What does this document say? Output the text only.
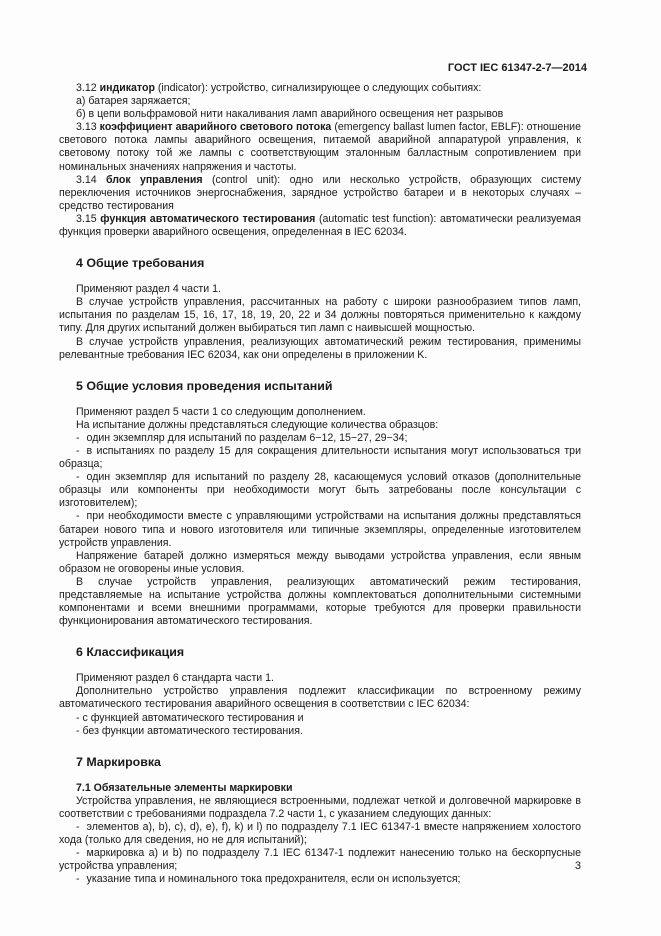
ГОСТ IEC 61347-2-7—2014

3.12 индикатор (indicator): устройство, сигнализирующее о следующих событиях:

а) батарея заряжается;

б) в цепи вольфрамовой нити накаливания ламп аварийного освещения нет разрывов

3.13 коэффициент аварийного светового потока (emergency ballast lumen factor, EBLF): отношение светового потока лампы аварийного освещения, питаемой аварийной аппаратурой управления, к световому потоку той же лампы с соответствующим эталонным балластным сопротивлением при номинальных значениях напряжения и частоты.

3.14 блок управления (control unit): одно или несколько устройств, образующих систему переключения источников энергоснабжения, зарядное устройство батареи и в некоторых случаях – средство тестирования

3.15 функция автоматического тестирования (automatic test function): автоматически реализуемая функция проверки аварийного освещения, определенная в IEC 62034.

4 Общие требования

Применяют раздел 4 части 1.

В случае устройств управления, рассчитанных на работу с широки разнообразием типов ламп, испытания по разделам 15, 16, 17, 18, 19, 20, 22 и 34 должны повторяться применительно к каждому типу. Для других испытаний должен выбираться тип ламп с наивысшей мощностью.

В случае устройств управления, реализующих автоматический режим тестирования, применимы релевантные требования IEC 62034, как они определены в приложении K.

5 Общие условия проведения испытаний

Применяют раздел 5 части 1 со следующим дополнением.

На испытание должны представляться следующие количества образцов:

- один экземпляр для испытаний по разделам 6−12, 15−27, 29−34;

- в испытаниях по разделу 15 для сокращения длительности испытания могут использоваться три образца;

- один экземпляр для испытаний по разделу 28, касающемуся условий отказов (дополнительные образцы или компоненты при необходимости могут быть затребованы после консультации с изготовителем);

- при необходимости вместе с управляющими устройствами на испытания должны представляться батареи нового типа и нового изготовителя или типичные экземпляры, определенные изготовителем устройств управления.

Напряжение батарей должно измеряться между выводами устройства управления, если явным образом не оговорены иные условия.

В случае устройств управления, реализующих автоматический режим тестирования, представляемые на испытание устройства должны комплектоваться дополнительными системными компонентами и всеми внешними программами, которые требуются для проверки правильности функционирования автоматического тестирования.

6 Классификация

Применяют раздел 6 стандарта части 1.

Дополнительно устройство управления подлежит классификации по встроенному режиму автоматического тестирования аварийного освещения в соответствии с IEC 62034:

- с функцией автоматического тестирования и

- без функции автоматического тестирования.

7 Маркировка

7.1 Обязательные элементы маркировки

Устройства управления, не являющиеся встроенными, подлежат четкой и долговечной маркировке в соответствии с требованиями подраздела 7.2 части 1, с указанием следующих данных:

- элементов а), b), c), d), e), f), k) и l) по подразделу 7.1 IEC 61347-1 вместе напряжением холостого хода (только для сведения, но не для испытаний);

- маркировка а) и b) по подразделу 7.1 IEC 61347-1 подлежит нанесению только на бескорпусные устройства управления;

- указание типа и номинального тока предохранителя, если он используется;

3
